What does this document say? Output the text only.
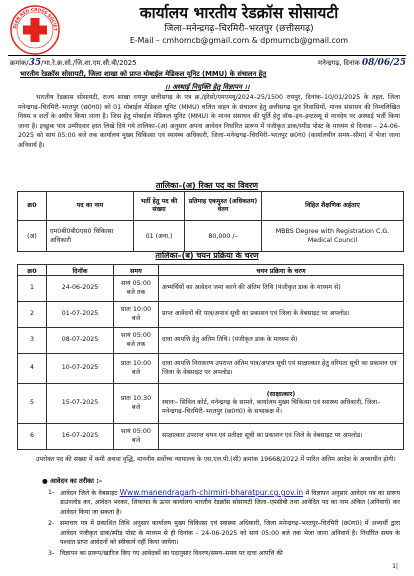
DIAN RED CROSS SOCIET
कार्यालय भारतीय रेडक्रॉस सोसायटी
जिला–मनेन्द्रगढ़–चिरमिरी–भरतपुर (छत्तीसगढ़)
E-Mail – cmhomcb@gmail.com & dpmumcb@gmail.com
क्रमांक/35/भा.रे.क्र.सो./जि.शा.एम.सी.बी/2025	मनेन्द्रगढ़, दिनांक 08/06/25
भारतीय रेडक्रॉस सोसायटी, जिला शाखा को प्राप्त मोबाईल मेडिकल यूनिट (MMU) के संचालन हेतु
।। अस्थाई नियुक्ति हेतु विज्ञापन ।।
भारतीय रेडक्रास सोसायटी, राज्य शाखा रायपुर छत्तीसगढ़ के पत्र क्र./इंरेसो/एमएमयू/2024–25/1500 रायपुर, दिनांक–10/01/2025 के तहत, जिला मनेन्द्रगढ़–चिरमिरी–भरतपुर (छ0ग0) को 01 मोबाईल मेडिकल यूनिट (MMU) चलित वाहन के संचालन हेतु छत्तीसगढ़ मूल निवासियों, मानव संसाधन की निम्नलिखित नियम व शर्तों के अधीन किया जाना है। जिस हेतु मोबाईल मेडिकल यूनिट (MMU) के मानव संसाधन की पूर्ति हेतु वॉक–इन–इन्टरव्यू से मानदेय पर अस्थाई भर्ती किया जाना है। इच्छुक पात्र उम्मीदवार हस्त लिखे दिये गये तालिका–(अ) अनुसार अपना आवेदन निर्धारित प्रारूप में पंजीकृत डाक/स्पीड पोस्ट के माध्यम से दिनांक – 24-06-2025 को सायं 05:00 बजे तक कार्यालय मुख्य चिकित्सा एवं स्वास्थ्य अधिकारी, जिला–मनेन्द्रगढ़–चिरमिरी–भरतपुर छ0ग0 (कार्यालयीन समय–सीमा) में भेजा जाना अनिवार्य है।
तालिका–(अ) रिक्त पद का विवरण
क्र0	पद का नाम	भर्ती हेतु पद की संख्या	प्रतिमाह एकमुश्त (अधिकतम) वेतन	विहित शैक्षणिक अर्हताए
(अ)	एम0बी0बी0एस0 चिकित्सा अधिकारी	01 (अना.)	80,000 /–	MBBS Degree with Registration C.G. Medical Council
तालिका–(ब) चयन प्रक्रिया के चरण
क्र0	दिनॉक	समय	चयन प्रक्रिया के चरण
1	24-06-2025	सायं 05:00 बजे तक	अभ्यर्थियों का आवेदन जमा करने की अंतिम तिथि (पंजीकृत डाक के माध्यम से)
2	01-07-2025	प्रातः 10:00 बजे	प्राप्त आवेदनों की पात्र/अपात्र सूची का प्रकाशन एवं जिला के वेबसाइट पर अपलोड।
3	08-07-2025	सायं 05:00 बजे तक	दावा आपत्ति हेतु अंतिम तिथि। (पंजीकृत डाक के माध्यम से)
4	10-07-2025	प्रातः 10:00 बजे	दावा आपत्ति निराकरण उपरान्त अंतिम पात्र/अपात्र सूची एवं साक्षात्कार हेतु वरियता सूची का प्रकाशन एवं जिला के वेबसाइट पर अपलोड।
5	15-07-2025	प्रातः 10:30 बजे	(साक्षात्कार)
स्थानः– सिविल कोर्ट, मनेन्द्रगढ़ के सामने, कार्यालय मुख्य चिकित्सा एवं स्वास्थ्य अधिकारी, जिला–मनेन्द्रगढ़–चिरमिरी–भरतपुर (छ0ग0) के सभाकक्ष में।

6	16-07-2025	सायं 05:00 बजे	साक्षात्कार उपरान्त चयन एवं प्रतीक्षा सूची का प्रकाशन एवं जिले के वेबसाइट पर अपलोड।
उपरोक्त पद की संख्या में कमी अथवा वृद्धि, माननीय सर्वोच्च न्यायालय के एस.एल.पी.(सी) क्रमांक 19668/2022 में पारित अंतिम आदेश के अध्याधीन होगी।
● आवेदन का तरीका :–
1- आवेदन जिले के वेबसाइट Www.manendragarh-chirmiri-bharatpur.cg.gov.in में विज्ञापन अनुसार आवेदन पत्र का प्रारूप डाउनलोड कर, आवेदन भरकर, लिफाफा के ऊपर कार्यालय भारतीय रेडक्रॉस सोसायटी जिला–एमसीबी तथा आवेदित पद का नाम अंकित (अनिवार्य) कर आवेदन किया जा सकता है।
2- समाचार पत्र में प्रकाशित तिथि अनुसार कार्यालय मुख्य चिकित्सा एवं स्वास्थ्य अधिकारी, जिला मनेन्द्रगढ़–भरतपुर–चिरमिरी (छ0ग0) में अभ्यर्थी द्वारा आवेदन पंजीकृत डाक/स्पीड पोस्ट के माध्यम से ही दिनांक – 24-06-2025 को सायं 05:00 बजे तक भेजा जाना अनिवार्य है। निर्धारित समय के पश्चात प्राप्त आवेदनों को स्वीकार्य नहीं किया जायेगा।
3- विज्ञापन का प्रारूप/खारिज किए गए आवेदकों का पदानुसार विवरण/समय–समय पर दावा आपत्ति की
1|
